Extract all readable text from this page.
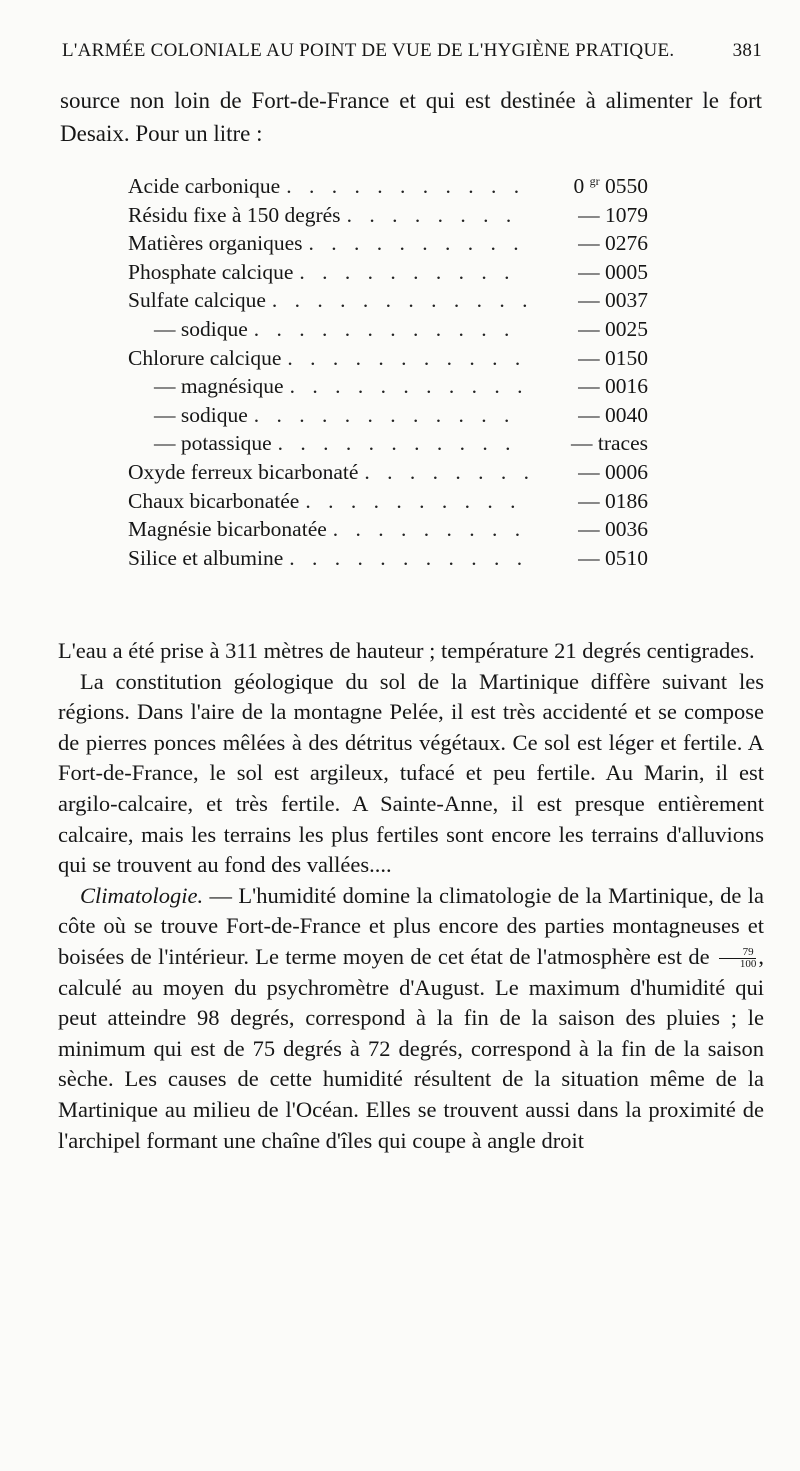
L'ARMÉE COLONIALE AU POINT DE VUE DE L'HYGIÈNE PRATIQUE.	381

source non loin de Fort-de-France et qui est destinée à alimenter le fort Desaix. Pour un litre :

Acide carbonique . . .	0 $^{gr}$ 0550
Résidu fixe à 150 degrés . . .	— 1079
Matières organiques . . .	— 0276
Phosphate calcique . . .	— 0005
Sulfate calcique . . .	— 0037
— sodique . . .	— 0025
Chlorure calcique . . .	— 0150
— magnésique . . .	— 0016
— sodique . . .	— 0040
— potassique . . .	— traces
Oxyde ferreux bicarbonaté . . .	— 0006
Chaux bicarbonatée . . .	— 0186
Magnésie bicarbonatée . . .	— 0036
Silice et albumine . . .	— 0510

L'eau a été prise à 311 mètres de hauteur ; température 21 degrés centigrades.

La constitution géologique du sol de la Martinique diffère suivant les régions. Dans l'aire de la montagne Pelée, il est très accidenté et se compose de pierres ponces mêlées à des détritus végétaux. Ce sol est léger et fertile. A Fort-de-France, le sol est argileux, tufacé et peu fertile. Au Marin, il est argilo-calcaire, et très fertile. A Sainte-Anne, il est presque entièrement calcaire, mais les terrains les plus fertiles sont encore les terrains d'alluvions qui se trouvent au fond des vallées....

Climatologie. — L'humidité domine la climatologie de la Martinique, de la côte où se trouve Fort-de-France et plus encore des parties montagneuses et boisées de l'intérieur. Le terme moyen de cet état de l'atmosphère est de $\frac{79}{100}$ , calculé au moyen du psychromètre d'August. Le maximum d'humidité qui peut atteindre 98 degrés, correspond à la fin de la saison des pluies ; le minimum qui est de 75 degrés à 72 degrés, correspond à la fin de la saison sèche. Les causes de cette humidité résultent de la situation même de la Martinique au milieu de l'Océan. Elles se trouvent aussi dans la proximité de l'archipel formant une chaîne d'îles qui coupe à angle droit
